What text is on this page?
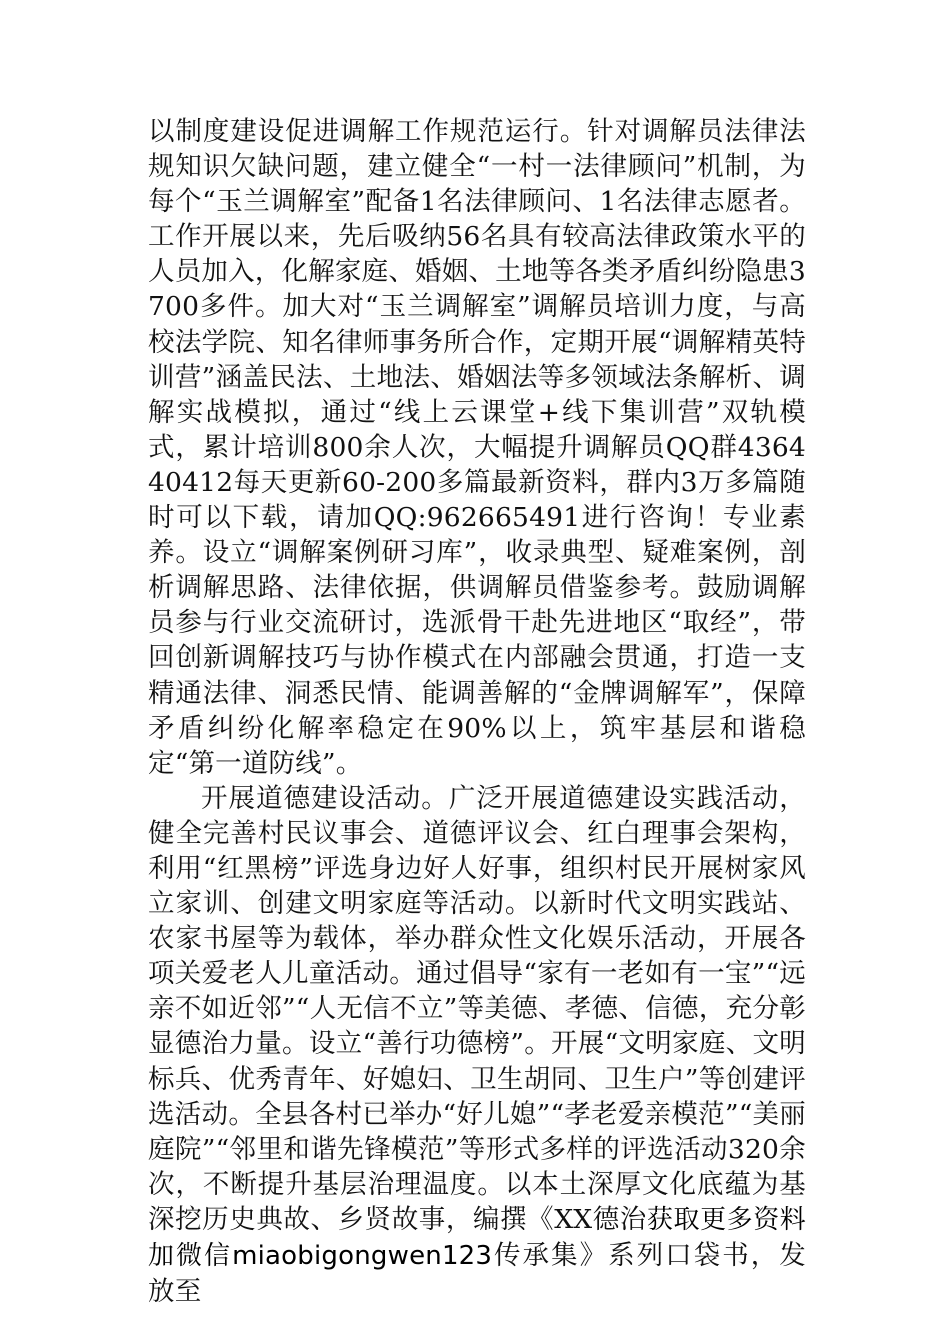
以制度建设促进调解工作规范运行。针对调解员法律法规知识欠缺问题，建立健全“一村一法律顾问”机制，为每个“玉兰调解室”配备1名法律顾问、1名法律志愿者。工作开展以来，先后吸纳56名具有较高法律政策水平的人员加入，化解家庭、婚姻、土地等各类矛盾纠纷隐患3700多件。加大对“玉兰调解室”调解员培训力度，与高校法学院、知名律师事务所合作，定期开展“调解精英特训营”涵盖民法、土地法、婚姻法等多领域法条解析、调解实战模拟，通过“线上云课堂+线下集训营”双轨模式，累计培训800余人次，大幅提升调解员QQ群436440412每天更新60-200多篇最新资料，群内3万多篇随时可以下载，请加QQ:962665491进行咨询！专业素养。设立“调解案例研习库”，收录典型、疑难案例，剖析调解思路、法律依据，供调解员借鉴参考。鼓励调解员参与行业交流研讨，选派骨干赴先进地区“取经”，带回创新调解技巧与协作模式在内部融会贯通，打造一支精通法律、洞悉民情、能调善解的“金牌调解军”，保障矛盾纠纷化解率稳定在90%以上，筑牢基层和谐稳定“第一道防线”。

开展道德建设活动。广泛开展道德建设实践活动，健全完善村民议事会、道德评议会、红白理事会架构，利用“红黑榜”评选身边好人好事，组织村民开展树家风立家训、创建文明家庭等活动。以新时代文明实践站、农家书屋等为载体，举办群众性文化娱乐活动，开展各项关爱老人儿童活动。通过倡导“家有一老如有一宝”“远亲不如近邻”“人无信不立”等美德、孝德、信德，充分彰显德治力量。设立“善行功德榜”。开展“文明家庭、文明标兵、优秀青年、好媳妇、卫生胡同、卫生户”等创建评选活动。全县各村已举办“好儿媳”“孝老爱亲模范”“美丽庭院”“邻里和谐先锋模范”等形式多样的评选活动320余次，不断提升基层治理温度。以本土深厚文化底蕴为基深挖历史典故、乡贤故事，编撰《XX德治获取更多资料加微信miaobigongwen123传承集》系列口袋书，发放至
